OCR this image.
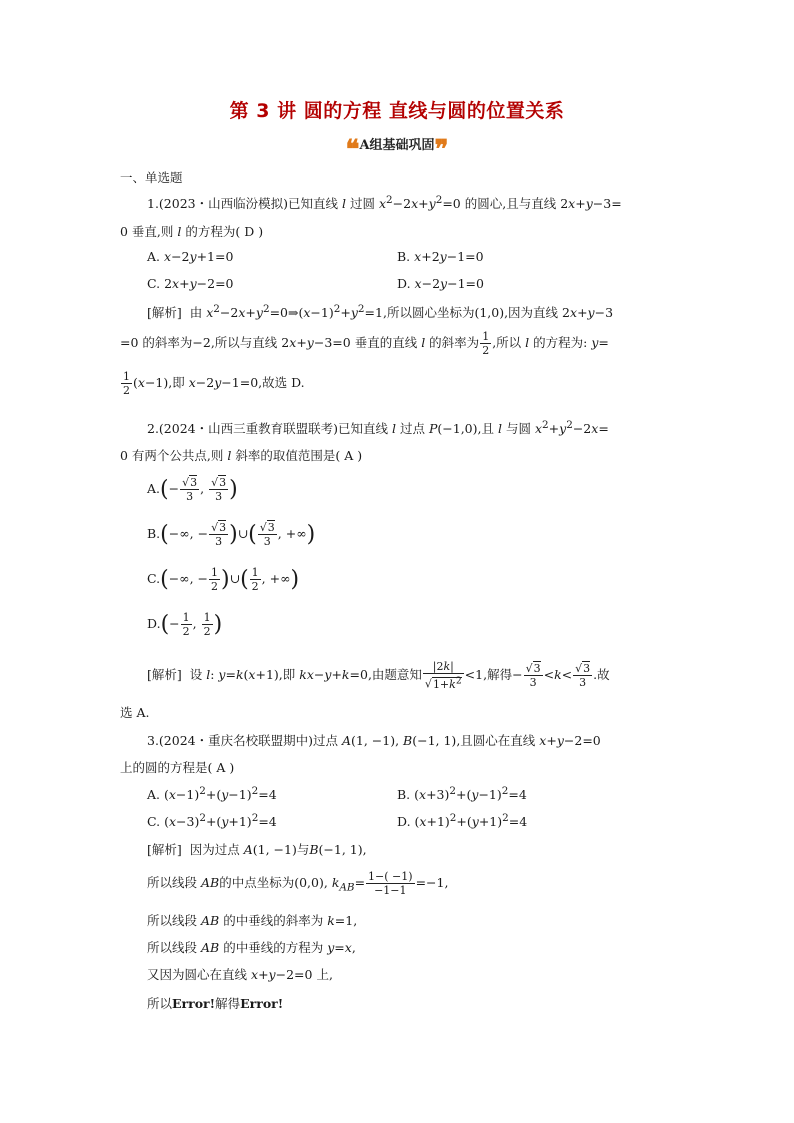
第 3 讲 圆的方程 直线与圆的位置关系
❝A组基础巩固❞
一、单选题
1.(2023・山西临汾模拟)已知直线 l 过圆 $x^2-2x+y^2=0$ 的圆心,且与直线 2x+y−3=
0 垂直,则 l 的方程为( D )
A. x−2y+1=0	B. x+2y−1=0
C. 2x+y−2=0	D. x−2y−1=0
[解析] 由 $x^2-2x+y^2=0\Rightarrow(x-1)^2+y^2=1$,所以圆心坐标为(1,0),因为直线 2x+y−3
=0 的斜率为−2,所以与直线 2x+y−3=0 垂直的直线 l 的斜率为 $\frac{1}{2}$ ,所以 l 的方程为: y=
$\frac{1}{2} (x-1)$,即 x−2y−1=0,故选 D.
2.(2024・山西三重教育联盟联考)已知直线 l 过点 P(−1,0),且 l 与圆 $x^2+y^2-2x=$
0 有两个公共点,则 l 斜率的取值范围是( A )
$A.(- \frac{√3}{3}$ , $\frac{√3}{3}$ )
B.(−∞, − $\frac{√3}{3}$ )∪( $\frac{√3}{3}$ , +∞)
C.(−∞, − $\frac{1}{2}$ )∪( $\frac{1}{2}$ , +∞)
$D.(- \frac{1}{2}$ , $\frac{1}{2}$ )
[解析] 设 l: y=k(x+1),即 kx−y+k=0,由题意知 $\frac{|2k|}{√1+k^2} <1$,解得− $\frac{√3}{3} <k< \frac{√3}{3}$ .故
选 A.
3.(2024・重庆名校联盟期中)过点 A(1, −1), B(−1, 1),且圆心在直线 x+y−2=0
上的圆的方程是( A )
A. $(x-1)^2+(y-1)^2=4$	B. $(x+3)^2+(y-1)^2=4$
C. $(x-3)^2+(y+1)^2=4$	D. $(x+1)^2+(y+1)^2=4$
[解析] 因为过点 A(1, −1)与B(−1, 1),
所以线段 AB的中点坐标为(0,0), $k_{AB}= \frac{1-( -1)}{-1-1} =-1$,
所以线段 AB 的中垂线的斜率为 k=1,
所以线段 AB 的中垂线的方程为 y=x,
又因为圆心在直线 x+y−2=0 上,
所以Error!解得Error!
